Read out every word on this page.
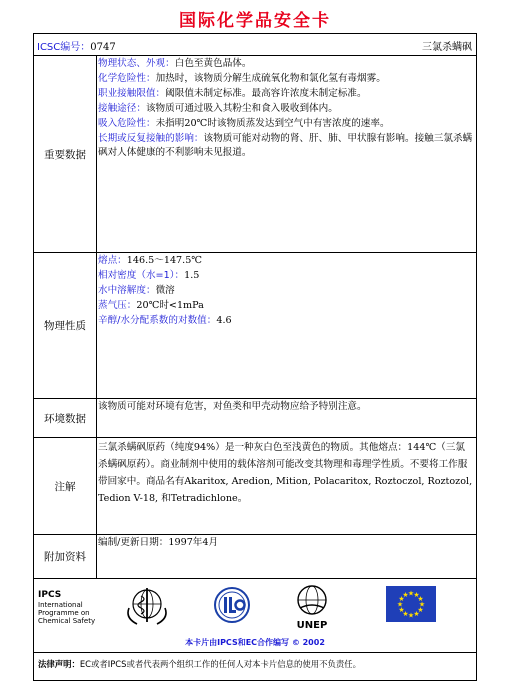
国际化学品安全卡
ICSC编号：0747	三氯杀螨砜
重要数据

物理状态、外观：白色至黄色晶体。

化学危险性：加热时，该物质分解生成硫氧化物和氯化氢有毒烟雾。

职业接触限值：阈限值未制定标准。最高容许浓度未制定标准。

接触途径：该物质可通过吸入其粉尘和食入吸收到体内。

吸入危险性：未指明20℃时该物质蒸发达到空气中有害浓度的速率。

长期或反复接触的影响：该物质可能对动物的肾、肝、肺、甲状腺有影响。接触三氯杀螨砜对人体健康的不利影响未见报道。

物理性质

熔点：146.5～147.5℃

相对密度（水=1）：1.5

水中溶解度：微溶

蒸气压：20℃时<1mPa

辛醇/水分配系数的对数值：4.6

环境数据

该物质可能对环境有危害，对鱼类和甲壳动物应给予特别注意。

注解

三氯杀螨砜原药（纯度94%）是一种灰白色至浅黄色的物质。其他熔点：144℃（三氯杀螨砜原药）。商业制剂中使用的载体溶剂可能改变其物理和毒理学性质。不要将工作服带回家中。商品名有Akaritox, Aredion, Mition, Polacaritox, Roztoczol, Roztozol, Tedion V-18, 和Tetradichlone。

附加资料

编制/更新日期：1997年4月

IPCS
International
Programme on
Chemical Safety	UNEP
★
★
★
★
★
★
★
★
★ ★ ★
★
本卡片由IPCS和EC合作编写 © 2002
法律声明：EC或者IPCS或者代表两个组织工作的任何人对本卡片信息的使用不负责任。
